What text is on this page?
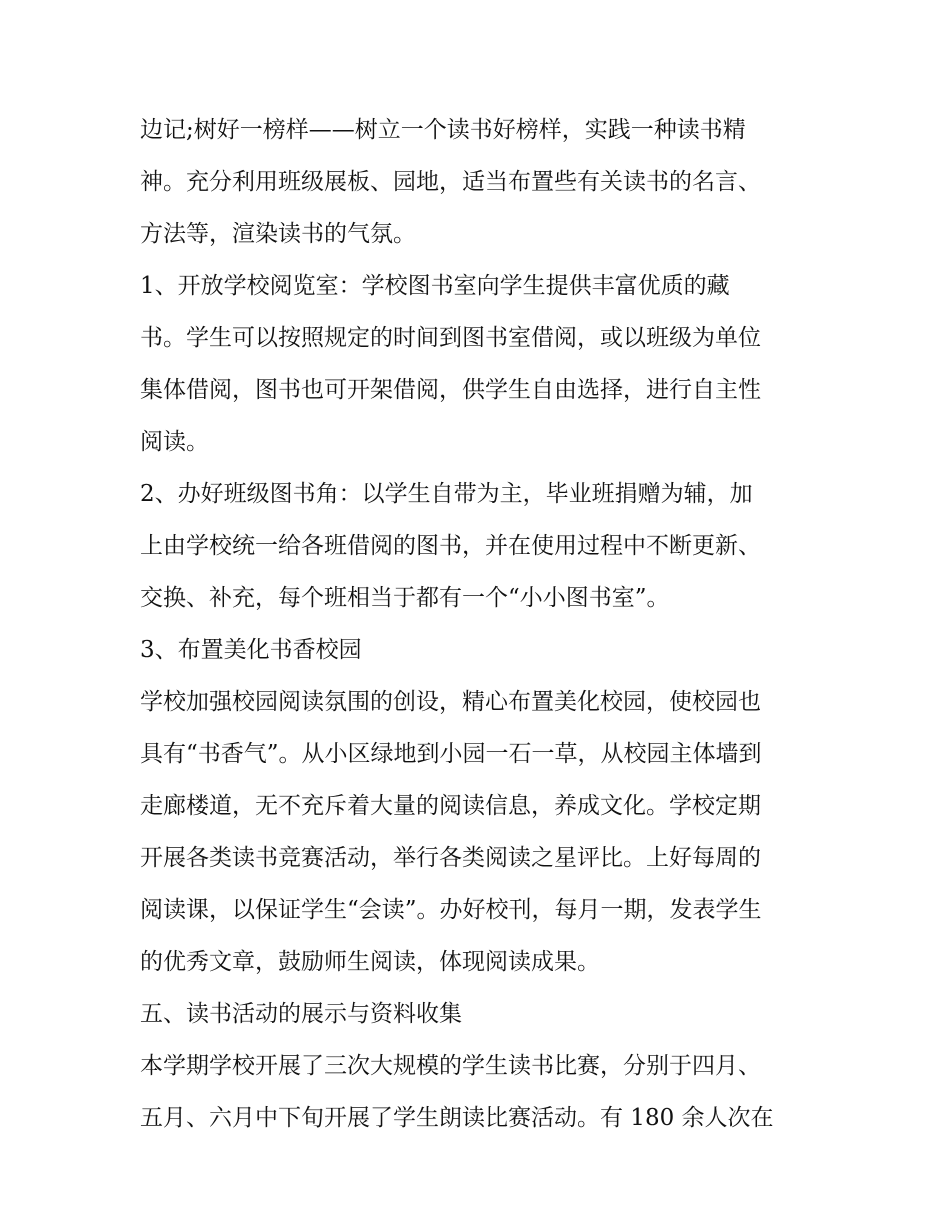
边记;树好一榜样——树立一个读书好榜样，实践一种读书精
神。充分利用班级展板、园地，适当布置些有关读书的名言、
方法等，渲染读书的气氛。
1、开放学校阅览室：学校图书室向学生提供丰富优质的藏
书。学生可以按照规定的时间到图书室借阅，或以班级为单位
集体借阅，图书也可开架借阅，供学生自由选择，进行自主性
阅读。
2、办好班级图书角：以学生自带为主，毕业班捐赠为辅，加
上由学校统一给各班借阅的图书，并在使用过程中不断更新、
交换、补充，每个班相当于都有一个“小小图书室”。
3、布置美化书香校园
学校加强校园阅读氛围的创设，精心布置美化校园，使校园也
具有“书香气”。从小区绿地到小园一石一草，从校园主体墙到
走廊楼道，无不充斥着大量的阅读信息，养成文化。学校定期
开展各类读书竞赛活动，举行各类阅读之星评比。上好每周的
阅读课，以保证学生“会读”。办好校刊，每月一期，发表学生
的优秀文章，鼓励师生阅读，体现阅读成果。
五、读书活动的展示与资料收集
本学期学校开展了三次大规模的学生读书比赛，分别于四月、
五月、六月中下旬开展了学生朗读比赛活动。有 180 余人次在
